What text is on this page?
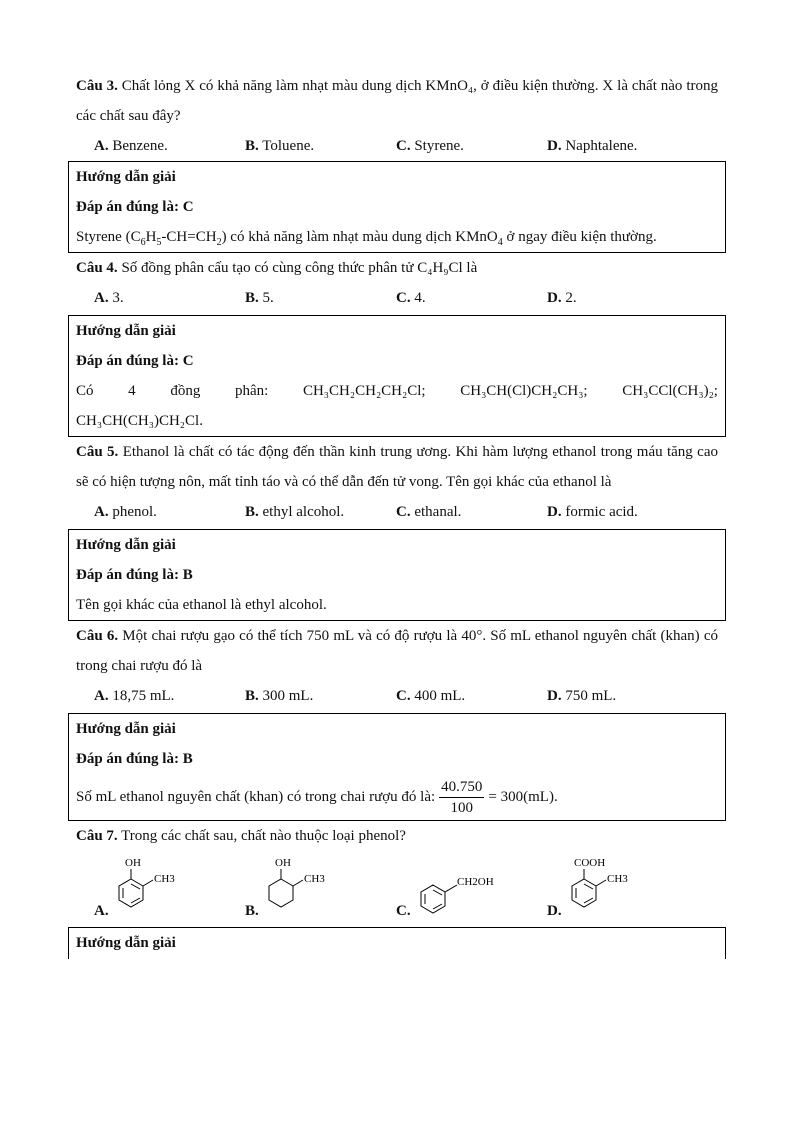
Câu 3. Chất lỏng X có khả năng làm nhạt màu dung dịch KMnO₄, ở điều kiện thường. X là chất nào trong các chất sau đây?
A. Benzene.	B. Toluene.	C. Styrene.	D. Naphtalene.
Hướng dẫn giải
Đáp án đúng là: C
Styrene $(C_6H_5-CH=CH_2)$ có khả năng làm nhạt màu dung dịch KMnO$_4$ ở ngay điều kiện thường.
Câu 4. Số đồng phân cấu tạo có cùng công thức phân tử C₄H₉Cl là
A. 3.	B. 5.	C. 4.	D. 2.
Hướng dẫn giải
Đáp án đúng là: C
Có 4 đồng phân: CH₃CH₂CH₂CH₂Cl; CH₃CH(Cl)CH₂CH₃; CH₃CCl(CH₃)₂;
CH₃CH(CH₃)CH₂Cl.
Câu 5. Ethanol là chất có tác động đến thần kinh trung ương. Khi hàm lượng ethanol trong máu tăng cao sẽ có hiện tượng nôn, mất tỉnh táo và có thể dẫn đến tử vong. Tên gọi khác của ethanol là
A. phenol.	B. ethyl alcohol.	C. ethanal.	D. formic acid.
Hướng dẫn giải
Đáp án đúng là: B
Tên gọi khác của ethanol là ethyl alcohol.
Câu 6. Một chai rượu gạo có thể tích 750 mL và có độ rượu là 40°. Số mL ethanol nguyên chất (khan) có trong chai rượu đó là
A. 18,75 mL.	B. 300 mL.	C. 400 mL.	D. 750 mL.
Hướng dẫn giải
Đáp án đúng là: B
Số mL ethanol nguyên chất (khan) có trong chai rượu đó là: $\frac{40.750}{100} = 300(mL)$.
Câu 7. Trong các chất sau, chất nào thuộc loại phenol?
A.
OH
CH3
B.
OH
CH3
C.
CH2OH
D.
COOH
CH3
Hướng dẫn giải
